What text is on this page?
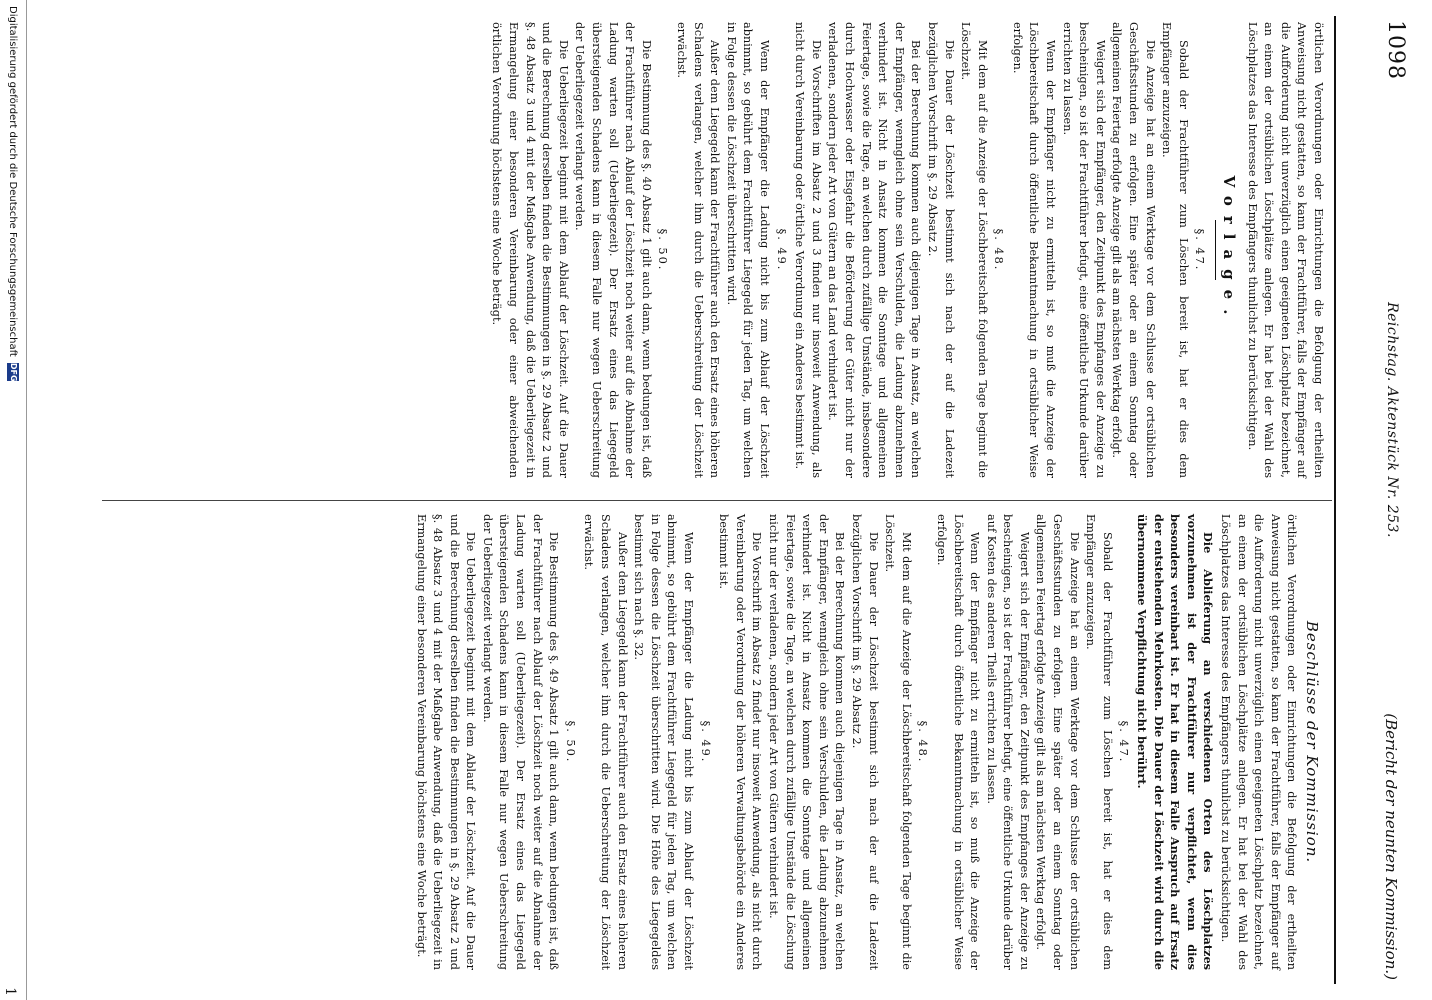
1098
Reichstag. Aktenstück Nr. 253.
(Bericht der neunten Kommission.)

örtlichen Verordnungen oder Einrichtungen die Befolgung der ertheilten Anweisung nicht gestatten, so kann der Frachtführer, falls der Empfänger auf die Aufforderung nicht unverzüglich einen geeigneten Löschplatz bezeichnet, an einem der ortsüblichen Löschplätze anlegen. Er hat bei der Wahl des Löschplatzes das Interesse des Empfängers thunlichst zu berücksichtigen.

Vorlage.
§. 47.

Sobald der Frachtführer zum Löschen bereit ist, hat er dies dem Empfänger anzuzeigen.

Die Anzeige hat an einem Werktage vor dem Schlusse der ortsüblichen Geschäftsstunden zu erfolgen. Eine später oder an einem Sonntag oder allgemeinen Feiertag erfolgte Anzeige gilt als am nächsten Werktag erfolgt.

Weigert sich der Empfänger, den Zeitpunkt des Empfanges der Anzeige zu bescheinigen, so ist der Frachtführer befugt, eine öffentliche Urkunde darüber errichten zu lassen.

Wenn der Empfänger nicht zu ermitteln ist, so muß die Anzeige der Löschbereitschaft durch öffentliche Bekanntmachung in ortsüblicher Weise erfolgen.

§. 48.

Mit dem auf die Anzeige der Löschbereitschaft folgenden Tage beginnt die Löschzeit.

Die Dauer der Löschzeit bestimmt sich nach der auf die Ladezeit bezüglichen Vorschrift im §. 29 Absatz 2.

Bei der Berechnung kommen auch diejenigen Tage in Ansatz, an welchen der Empfänger, wenngleich ohne sein Verschulden, die Ladung abzunehmen verhindert ist. Nicht in Ansatz kommen die Sonntage und allgemeinen Feiertage, sowie die Tage, an welchen durch zufällige Umstände, insbesondere durch Hochwasser oder Eisgefahr die Beförderung der Güter nicht nur der verladenen, sondern jeder Art von Gütern an das Land verhindert ist.

Die Vorschriften im Absatz 2 und 3 finden nur insoweit Anwendung, als nicht durch Vereinbarung oder örtliche Verordnung ein Anderes bestimmt ist.

§. 49.

Wenn der Empfänger die Ladung nicht bis zum Ablauf der Löschzeit abnimmt, so gebührt dem Frachtführer Liegegeld für jeden Tag, um welchen in Folge dessen die Löschzeit überschritten wird.

Außer dem Liegegeld kann der Frachtführer auch den Ersatz eines höheren Schadens verlangen, welcher ihm durch die Ueberschreitung der Löschzeit erwächst.

§. 50.

Die Bestimmung des §. 40 Absatz 1 gilt auch dann, wenn bedungen ist, daß der Frachtführer nach Ablauf der Löschzeit noch weiter auf die Abnahme der Ladung warten soll (Ueberliegezeit). Der Ersatz eines das Liegegeld übersteigenden Schadens kann in diesem Falle nur wegen Ueberschreitung der Ueberliegezeit verlangt werden.

Die Ueberliegezeit beginnt mit dem Ablauf der Löschzeit. Auf die Dauer und die Berechnung derselben finden die Bestimmungen in §. 29 Absatz 2 und §. 48 Absatz 3 und 4 mit der Maßgabe Anwendung, daß die Ueberliegezeit in Ermangelung einer besonderen Vereinbarung oder einer abweichenden örtlichen Verordnung höchstens eine Woche beträgt.

Beschlüsse der Kommission.

örtlichen Verordnungen oder Einrichtungen die Befolgung der ertheilten Anweisung nicht gestatten, so kann der Frachtführer, falls der Empfänger auf die Aufforderung nicht unverzüglich einen geeigneten Löschplatz bezeichnet, an einem der ortsüblichen Löschplätze anlegen. Er hat bei der Wahl des Löschplatzes das Interesse des Empfängers thunlichst zu berücksichtigen.

Die Ablieferung an verschiedenen Orten des Löschplatzes vorzunehmen ist der Frachtführer nur verpflichtet, wenn dies besonders vereinbart ist. Er hat in diesem Falle Anspruch auf Ersatz der entstehenden Mehrkosten. Die Dauer der Löschzeit wird durch die übernommene Verpflichtung nicht berührt.

§. 47.

Sobald der Frachtführer zum Löschen bereit ist, hat er dies dem Empfänger anzuzeigen.

Die Anzeige hat an einem Werktage vor dem Schlusse der ortsüblichen Geschäftsstunden zu erfolgen. Eine später oder an einem Sonntag oder allgemeinen Feiertag erfolgte Anzeige gilt als am nächsten Werktag erfolgt.

Weigert sich der Empfänger, den Zeitpunkt des Empfanges der Anzeige zu bescheinigen, so ist der Frachtführer befugt, eine öffentliche Urkunde darüber auf Kosten des anderen Theils errichten zu lassen.

Wenn der Empfänger nicht zu ermitteln ist, so muß die Anzeige der Löschbereitschaft durch öffentliche Bekanntmachung in ortsüblicher Weise erfolgen.

§. 48.

Mit dem auf die Anzeige der Löschbereitschaft folgenden Tage beginnt die Löschzeit.

Die Dauer der Löschzeit bestimmt sich nach der auf die Ladezeit bezüglichen Vorschrift im §. 29 Absatz 2.

Bei der Berechnung kommen auch diejenigen Tage in Ansatz, an welchen der Empfänger, wenngleich ohne sein Verschulden, die Ladung abzunehmen verhindert ist. Nicht in Ansatz kommen die Sonntage und allgemeinen Feiertage, sowie die Tage, an welchen durch zufällige Umstände die Löschung nicht nur der verladenen, sondern jeder Art von Gütern verhindert ist.

Die Vorschrift im Absatz 2 findet nur insoweit Anwendung, als nicht durch Vereinbarung oder Verordnung der höheren Verwaltungsbehörde ein Anderes bestimmt ist.

§. 49.

Wenn der Empfänger die Ladung nicht bis zum Ablauf der Löschzeit abnimmt, so gebührt dem Frachtführer Liegegeld für jeden Tag, um welchen in Folge dessen die Löschzeit überschritten wird. Die Höhe des Liegegeldes bestimmt sich nach §. 32.

Außer dem Liegegeld kann der Frachtführer auch den Ersatz eines höheren Schadens verlangen, welcher ihm durch die Ueberschreitung der Löschzeit erwächst.

§. 50.

Die Bestimmung des §. 49 Absatz 1 gilt auch dann, wenn bedungen ist, daß der Frachtführer nach Ablauf der Löschzeit noch weiter auf die Abnahme der Ladung warten soll (Ueberliegezeit). Der Ersatz eines das Liegegeld übersteigenden Schadens kann in diesem Falle nur wegen Ueberschreitung der Ueberliegezeit verlangt werden.

Die Ueberliegezeit beginnt mit dem Ablauf der Löschzeit. Auf die Dauer und die Berechnung derselben finden die Bestimmungen in §. 29 Absatz 2 und §. 48 Absatz 3 und 4 mit der Maßgabe Anwendung, daß die Ueberliegezeit in Ermangelung einer besonderen Vereinbarung höchstens eine Woche beträgt.

Digitalisierung gefördert durch die Deutsche Forschungsgemeinschaft
DFG
1
